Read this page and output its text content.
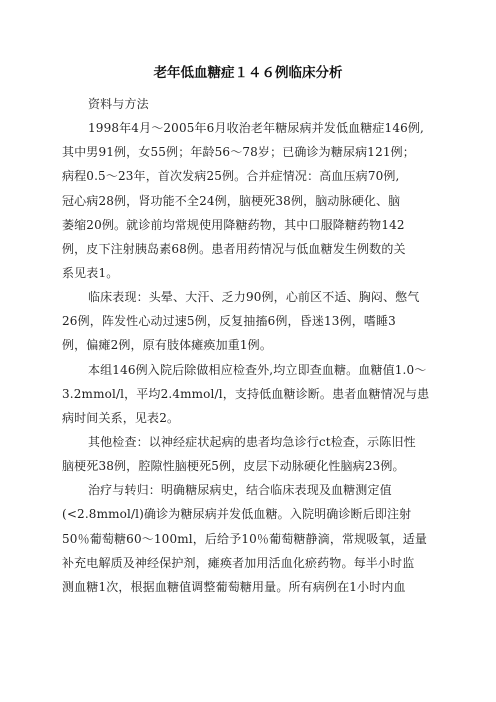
老年低血糖症１４６例临床分析
资料与方法
1998年4月～2005年6月收治老年糖尿病并发低血糖症146例,
其中男91例，女55例；年龄56～78岁；已确诊为糖尿病121例；
病程0.5～23年，首次发病25例。合并症情况：高血压病70例,
冠心病28例，肾功能不全24例，脑梗死38例，脑动脉硬化、脑
萎缩20例。就诊前均常规使用降糖药物，其中口服降糖药物142
例，皮下注射胰岛素68例。患者用药情况与低血糖发生例数的关
系见表1。
临床表现：头晕、大汗、乏力90例，心前区不适、胸闷、憋气
26例，阵发性心动过速5例，反复抽搐6例，昏迷13例，嗜睡3
例，偏瘫2例，原有肢体瘫痪加重1例。
本组146例入院后除做相应检查外,均立即查血糖。血糖值1.0～
3.2mmol/l，平均2.4mmol/l，支持低血糖诊断。患者血糖情况与患
病时间关系，见表2。
其他检查：以神经症状起病的患者均急诊行ct检查，示陈旧性
脑梗死38例，腔隙性脑梗死5例，皮层下动脉硬化性脑病23例。
治疗与转归：明确糖尿病史，结合临床表现及血糖测定值
(<2.8mmol/l)确诊为糖尿病并发低血糖。入院明确诊断后即注射
50％葡萄糖60～100ml，后给予10％葡萄糖静滴，常规吸氧，适量
补充电解质及神经保护剂，瘫痪者加用活血化瘀药物。每半小时监
测血糖1次，根据血糖值调整葡萄糖用量。所有病例在1小时内血
